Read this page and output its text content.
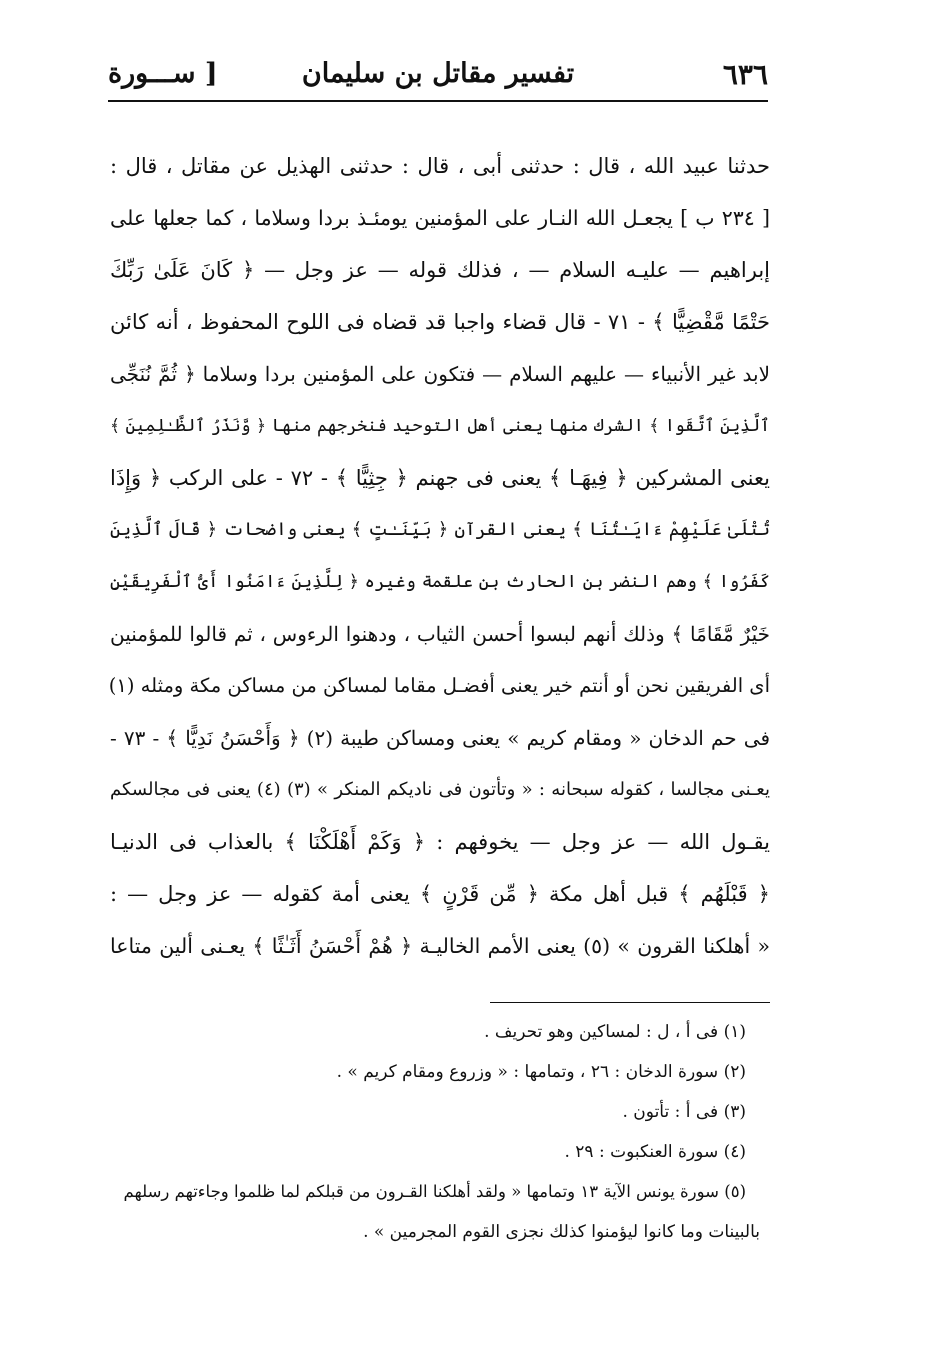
٦٣٦
تفسير مقاتل بن سليمان
[ ســـورة
حدثنا عبيد الله ، قال : حدثنى أبى ، قال : حدثنى الهذيل عن مقاتل ، قال :
[ ٢٣٤ ب ] يجعـل الله النـار على المؤمنين يومئـذ بردا وسلاما ، كما جعلها على
إبراهيم — عليـه السلام — ، فذلك قوله — عز وجل — ﴿ كَانَ عَلَىٰ رَبِّكَ
حَتْمًا مَّقْضِيًّا ﴾ - ٧١ - قال قضاء واجبا قد قضاه فى اللوح المحفوظ ، أنه كائن
لابد غير الأنبياء — عليهم السلام — فتكون على المؤمنين بردا وسلاما ﴿ ثُمَّ نُنَجِّى
ٱلَّذِينَ ٱتَّقَوا ﴾ الشرك منها يعنى أهل التوحيد فنخرجهم منها ﴿ وَّنَذَرُ ٱلظَّـٰلِمِينَ ﴾
يعنى المشركين ﴿ فِيهَـا ﴾ يعنى فى جهنم ﴿ جِثِيًّا ﴾ - ٧٢ - على الركب ﴿ وَإِذَا
تُتْلَىٰ عَلَيْهِمْ ءَايَـٰتُنَا ﴾ يعنى القرآن ﴿ بَيِّنَـٰتٍ ﴾ يعنى واضحات ﴿ قَالَ ٱلَّذِينَ
كَفَرُوا ﴾ وهم النضر بن الحارث بن علقمة وغيره ﴿ لِلَّذِينَ ءَامَنُوا أَىُّ ٱلْفَرِيقَيْنِ
خَيْرٌ مَّقَامًا ﴾ وذلك أنهم لبسوا أحسن الثياب ، ودهنوا الرءوس ، ثم قالوا للمؤمنين
أى الفريقين نحن أو أنتم خير يعنى أفضـل مقاما لمساكن من مساكن مكة ومثله (١)
فى حم الدخان « ومقام كريم » يعنى ومساكن طيبة (٢) ﴿ وَأَحْسَنُ نَدِيًّا ﴾ - ٧٣ -
يعـنى مجالسا ، كقوله سبحانه : « وتأتون فى ناديكم المنكر » (٣) (٤) يعنى فى مجالسكم
يقـول الله — عز وجل — يخوفهم : ﴿ وَكَمْ أَهْلَكْنَا ﴾ بالعذاب فى الدنيـا
﴿ قَبْلَهُم ﴾ قبل أهل مكة ﴿ مِّن قَرْنٍ ﴾ يعنى أمة كقوله — عز وجل — :
« أهلكنا القرون » (٥) يعنى الأمم الخاليـة ﴿ هُمْ أَحْسَنُ أَثَـٰثًا ﴾ يعـنى ألين متاعا
(١) فى أ ، ل : لمساكين وهو تحريف .
(٢) سورة الدخان : ٢٦ ، وتمامها : « وزروع ومقام كريم » .
(٣) فى أ : تأتون .
(٤) سورة العنكبوت : ٢٩ .
(٥) سورة يونس الآية ١٣ وتمامها « ولقد أهلكنا القـرون من قبلكم لما ظلموا وجاءتهم رسلهم
بالبينات وما كانوا ليؤمنوا كذلك نجزى القوم المجرمين » .
